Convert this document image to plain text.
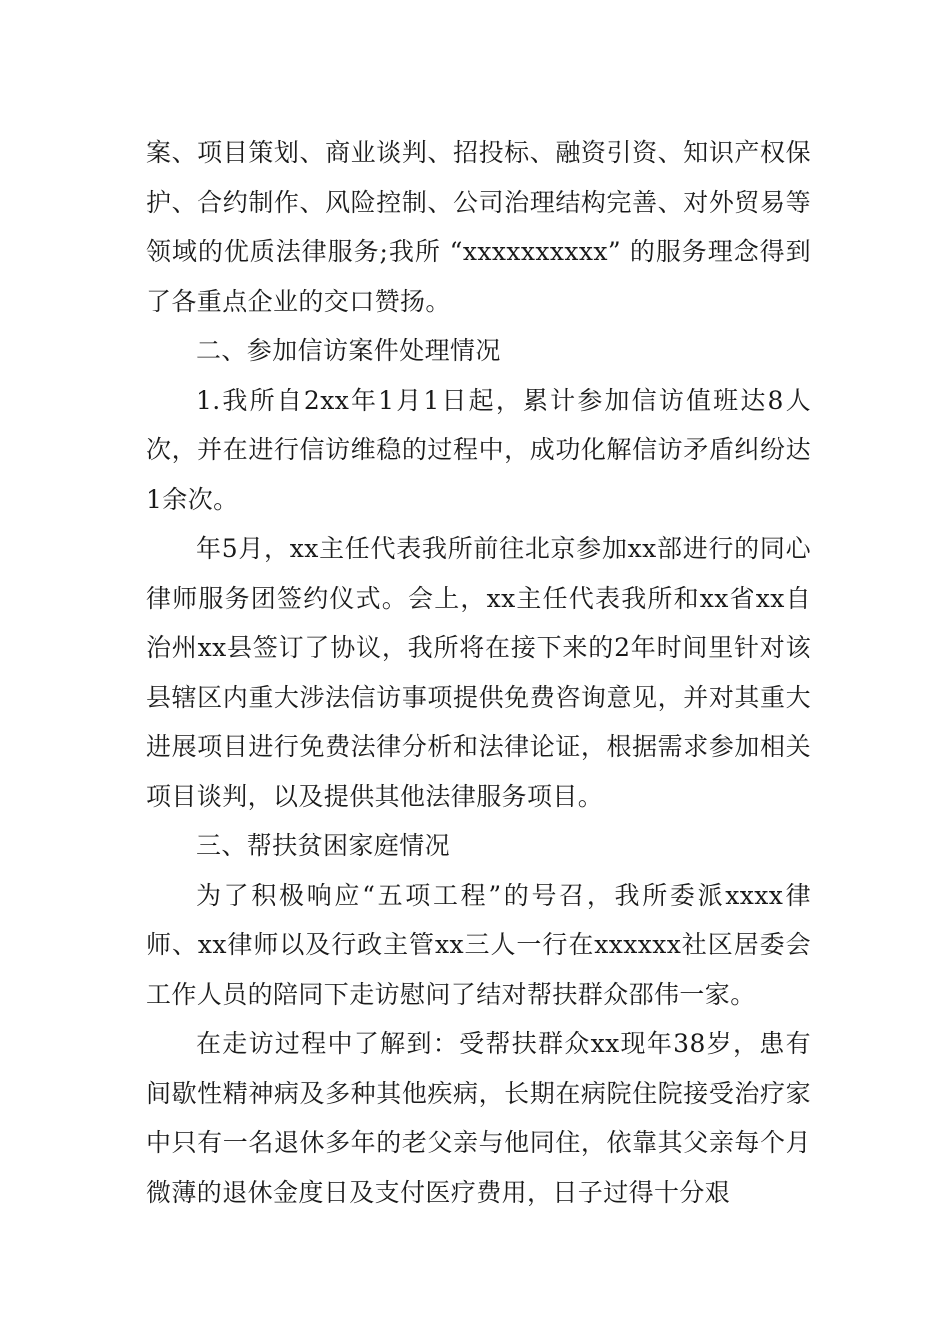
案、项目策划、商业谈判、招投标、融资引资、知识产权保护、合约制作、风险控制、公司治理结构完善、对外贸易等领域的优质法律服务;我所 “xxxxxxxxxx” 的服务理念得到了各重点企业的交口赞扬。

二、参加信访案件处理情况

1.我所自2xx年1月1日起，累计参加信访值班达8人次，并在进行信访维稳的过程中，成功化解信访矛盾纠纷达1余次。

年5月，xx主任代表我所前往北京参加xx部进行的同心律师服务团签约仪式。会上，xx主任代表我所和xx省xx自治州xx县签订了协议，我所将在接下来的2年时间里针对该县辖区内重大涉法信访事项提供免费咨询意见，并对其重大进展项目进行免费法律分析和法律论证，根据需求参加相关项目谈判，以及提供其他法律服务项目。

三、帮扶贫困家庭情况

为了积极响应“五项工程”的号召，我所委派xxxx律师、xx律师以及行政主管xx三人一行在xxxxxx社区居委会工作人员的陪同下走访慰问了结对帮扶群众邵伟一家。

在走访过程中了解到：受帮扶群众xx现年38岁，患有间歇性精神病及多种其他疾病，长期在病院住院接受治疗家中只有一名退休多年的老父亲与他同住，依靠其父亲每个月微薄的退休金度日及支付医疗费用，日子过得十分艰
